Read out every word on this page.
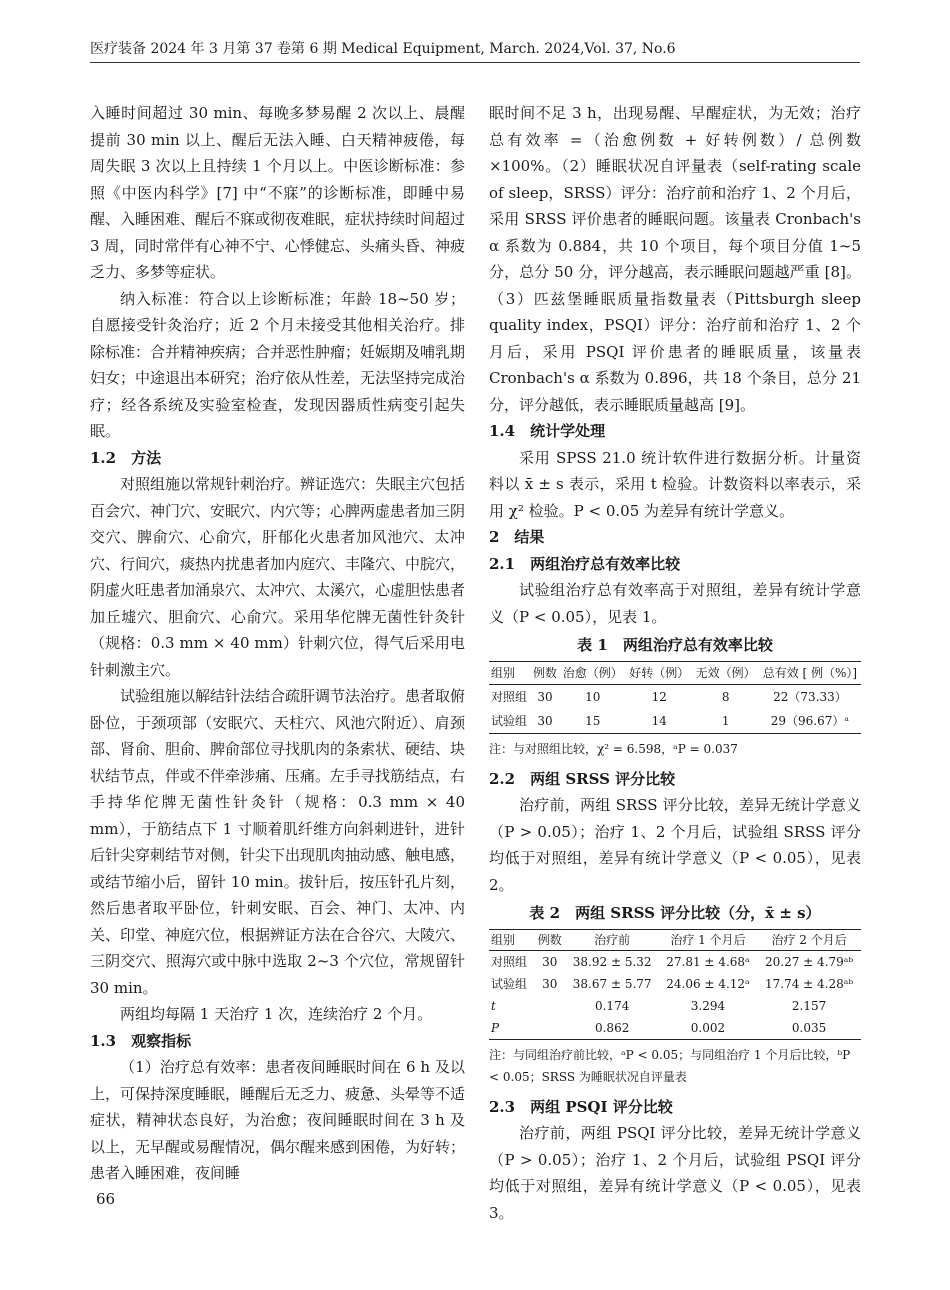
医疗装备 2024 年 3 月第 37 卷第 6 期 Medical Equipment, March. 2024,Vol. 37, No.6

入睡时间超过 30 min、每晚多梦易醒 2 次以上、晨醒提前 30 min 以上、醒后无法入睡、白天精神疲倦，每周失眠 3 次以上且持续 1 个月以上。中医诊断标准：参照《中医内科学》[7] 中“不寐”的诊断标准，即睡中易醒、入睡困难、醒后不寐或彻夜难眠，症状持续时间超过 3 周，同时常伴有心神不宁、心悸健忘、头痛头昏、神疲乏力、多梦等症状。

纳入标准：符合以上诊断标准；年龄 18~50 岁；自愿接受针灸治疗；近 2 个月未接受其他相关治疗。排除标准：合并精神疾病；合并恶性肿瘤；妊娠期及哺乳期妇女；中途退出本研究；治疗依从性差，无法坚持完成治疗；经各系统及实验室检查，发现因器质性病变引起失眠。

1.2　方法

对照组施以常规针刺治疗。辨证选穴：失眠主穴包括百会穴、神门穴、安眠穴、内穴等；心脾两虚患者加三阴交穴、脾俞穴、心俞穴，肝郁化火患者加风池穴、太冲穴、行间穴，痰热内扰患者加内庭穴、丰隆穴、中脘穴，阴虚火旺患者加涌泉穴、太冲穴、太溪穴，心虚胆怯患者加丘墟穴、胆俞穴、心俞穴。采用华佗牌无菌性针灸针（规格：0.3 mm × 40 mm）针刺穴位，得气后采用电针刺激主穴。

试验组施以解结针法结合疏肝调节法治疗。患者取俯卧位，于颈项部（安眠穴、天柱穴、风池穴附近）、肩颈部、肾俞、胆俞、脾俞部位寻找肌肉的条索状、硬结、块状结节点，伴或不伴牵涉痛、压痛。左手寻找筋结点，右手持华佗牌无菌性针灸针（规格：0.3 mm × 40 mm），于筋结点下 1 寸顺着肌纤维方向斜刺进针，进针后针尖穿刺结节对侧，针尖下出现肌肉抽动感、触电感，或结节缩小后，留针 10 min。拔针后，按压针孔片刻，然后患者取平卧位，针刺安眠、百会、神门、太冲、内关、印堂、神庭穴位，根据辨证方法在合谷穴、大陵穴、三阴交穴、照海穴或中脉中选取 2~3 个穴位，常规留针 30 min。

两组均每隔 1 天治疗 1 次，连续治疗 2 个月。

1.3　观察指标

（1）治疗总有效率：患者夜间睡眠时间在 6 h 及以上，可保持深度睡眠，睡醒后无乏力、疲惫、头晕等不适症状，精神状态良好，为治愈；夜间睡眠时间在 3 h 及以上，无早醒或易醒情况，偶尔醒来感到困倦，为好转；患者入睡困难，夜间睡

眠时间不足 3 h，出现易醒、早醒症状，为无效；治疗总有效率 =（治愈例数 + 好转例数）/ 总例数 ×100%。（2）睡眠状况自评量表（self-rating scale of sleep，SRSS）评分：治疗前和治疗 1、2 个月后，采用 SRSS 评价患者的睡眠问题。该量表 Cronbach's α 系数为 0.884，共 10 个项目，每个项目分值 1~5 分，总分 50 分，评分越高，表示睡眠问题越严重 [8]。（3）匹兹堡睡眠质量指数量表（Pittsburgh sleep quality index，PSQI）评分：治疗前和治疗 1、2 个月后，采用 PSQI 评价患者的睡眠质量，该量表 Cronbach's α 系数为 0.896，共 18 个条目，总分 21 分，评分越低，表示睡眠质量越高 [9]。

1.4　统计学处理

采用 SPSS 21.0 统计软件进行数据分析。计量资料以 x̄ ± s 表示，采用 t 检验。计数资料以率表示，采用 χ² 检验。P < 0.05 为差异有统计学意义。

2　结果

2.1　两组治疗总有效率比较

试验组治疗总有效率高于对照组，差异有统计学意义（P < 0.05），见表 1。

表 1　两组治疗总有效率比较
组别	例数	治愈（例）	好转（例）	无效（例）	总有效 [ 例（%）]
对照组	30	10	12	8	22（73.33）
试验组	30	15	14	1	29（96.67）ᵃ
注：与对照组比较，χ² = 6.598，ᵃP = 0.037

2.2　两组 SRSS 评分比较

治疗前，两组 SRSS 评分比较，差异无统计学意义（P > 0.05）；治疗 1、2 个月后，试验组 SRSS 评分均低于对照组，差异有统计学意义（P < 0.05），见表 2。

表 2　两组 SRSS 评分比较（分，x̄ ± s）
组别	例数	治疗前	治疗 1 个月后	治疗 2 个月后
对照组	30	38.92 ± 5.32	27.81 ± 4.68ᵃ	20.27 ± 4.79ᵃᵇ
试验组	30	38.67 ± 5.77	24.06 ± 4.12ᵃ	17.74 ± 4.28ᵃᵇ
t		0.174	3.294	2.157
P		0.862	0.002	0.035
注：与同组治疗前比较，ᵃP < 0.05；与同组治疗 1 个月后比较，ᵇP < 0.05；SRSS 为睡眠状况自评量表

2.3　两组 PSQI 评分比较

治疗前，两组 PSQI 评分比较，差异无统计学意义（P > 0.05）；治疗 1、2 个月后，试验组 PSQI 评分均低于对照组，差异有统计学意义（P < 0.05），见表 3。

66
